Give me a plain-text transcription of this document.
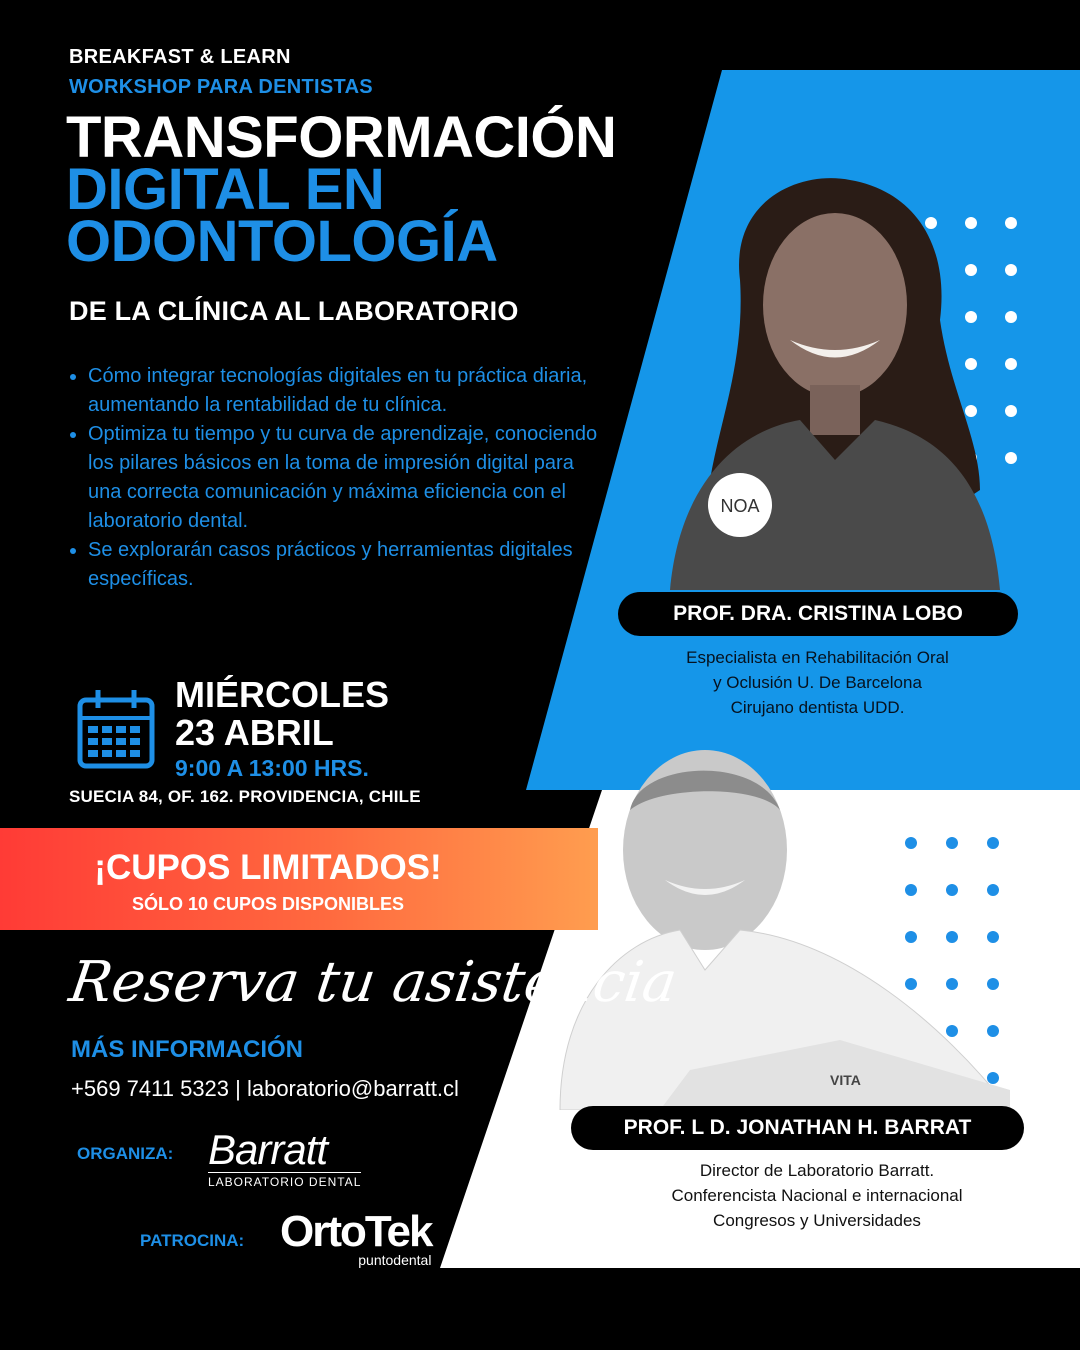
NOA
VITA
BREAKFAST & LEARN
WORKSHOP PARA DENTISTAS
TRANSFORMACIÓN
DIGITAL EN
ODONTOLOGÍA
DE LA CLÍNICA AL LABORATORIO
• Cómo integrar tecnologías digitales en tu práctica diaria, aumentando la rentabilidad de tu clínica.
• Optimiza tu tiempo y tu curva de aprendizaje, conociendo los pilares básicos en la toma de impresión digital para una correcta comunicación y máxima eficiencia con el laboratorio dental.
• Se explorarán casos prácticos y herramientas digitales específicas.
MIÉRCOLES
23 ABRIL
9:00 A 13:00 HRS.
SUECIA 84, OF. 162. PROVIDENCIA, CHILE
¡CUPOS LIMITADOS!
SÓLO 10 CUPOS DISPONIBLES
Reserva tu asistencia
MÁS INFORMACIÓN
+569 7411 5323 | laboratorio@barratt.cl
ORGANIZA: Barratt
LABORATORIO DENTAL
PATROCINA: OrtoTek
puntodental
PROF. DRA. CRISTINA LOBO
Especialista en Rehabilitación Oral
y Oclusión U. De Barcelona
Cirujano dentista UDD.
PROF. L D. JONATHAN H. BARRAT
Director de Laboratorio Barratt.
Conferencista Nacional e internacional
Congresos y Universidades
